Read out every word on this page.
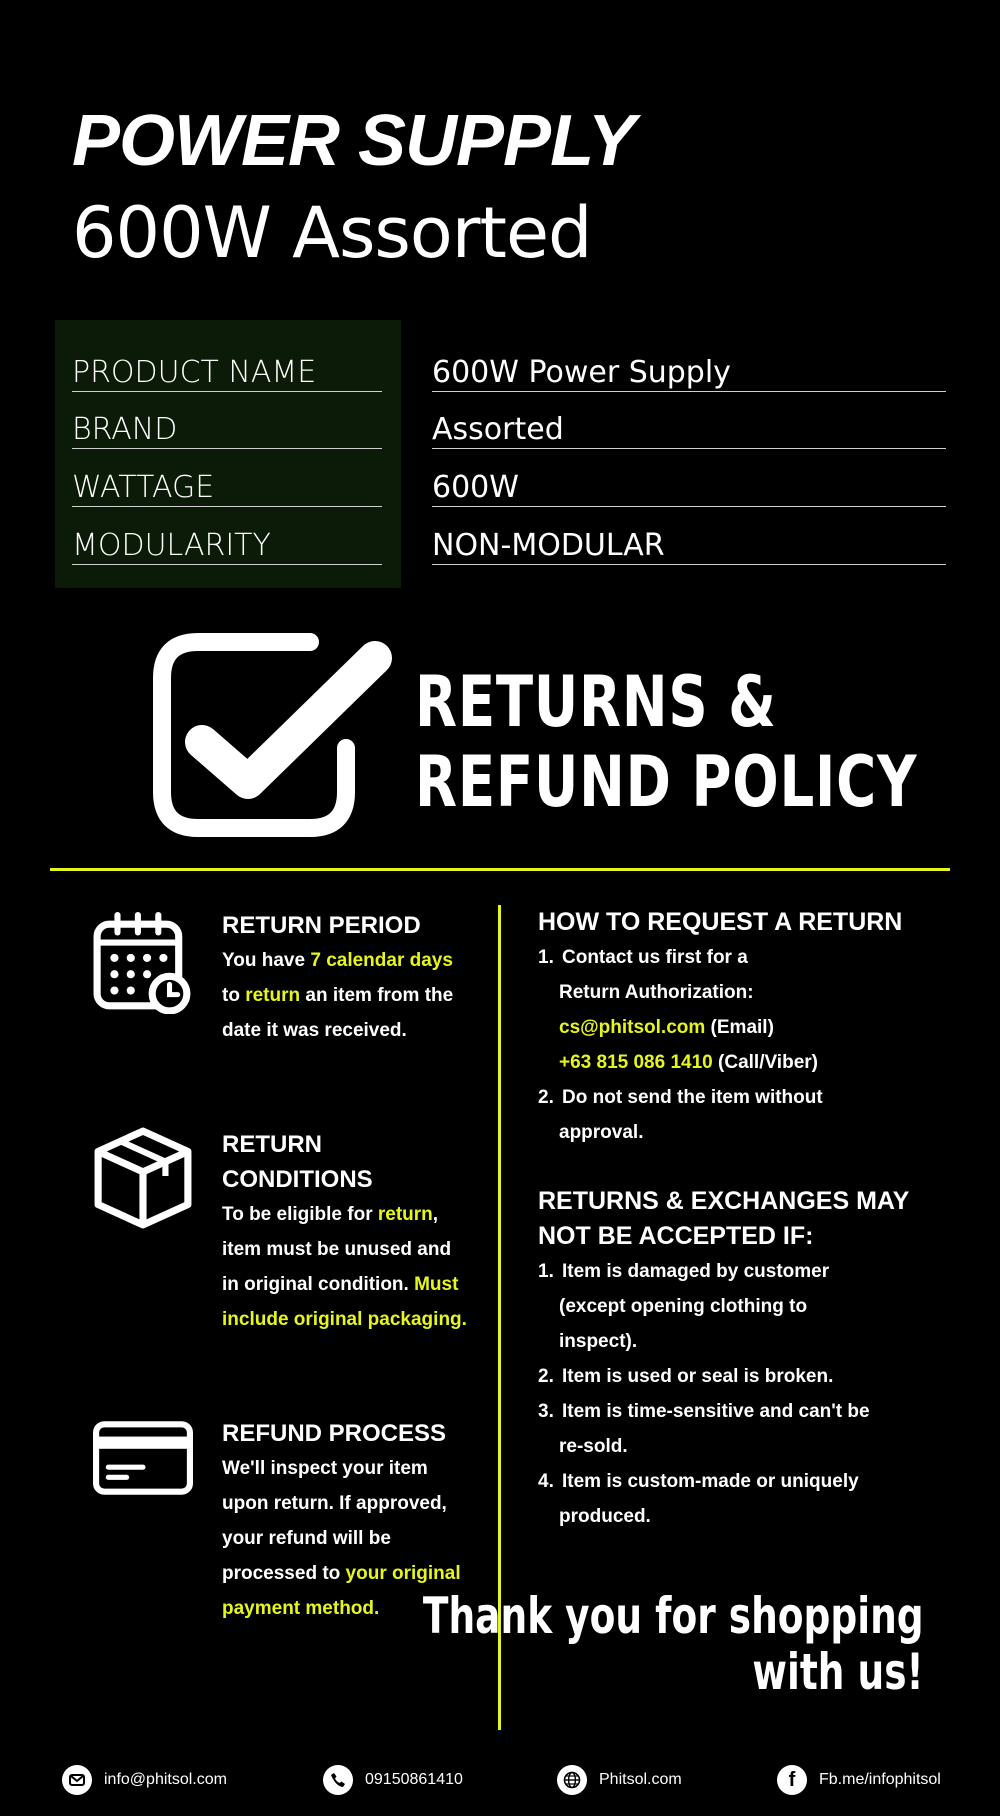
POWER SUPPLY
600W Assorted
PRODUCT NAME	600W Power Supply
BRAND	Assorted
WATTAGE	600W
MODULARITY	NON-MODULAR
RETURNS &
REFUND POLICY
RETURN PERIOD
You have 7 calendar days to return an item from the date it was received.
RETURN CONDITIONS
To be eligible for return, item must be unused and in original condition. Must include original packaging.
REFUND PROCESS
We'll inspect your item upon return. If approved, your refund will be processed to your original payment method.
HOW TO REQUEST A RETURN
1. Contact us first for a
Return Authorization:
cs@phitsol.com (Email)
+63 815 086 1410 (Call/Viber)
2. Do not send the item without
approval.
RETURNS & EXCHANGES MAY
NOT BE ACCEPTED IF:
1. Item is damaged by customer
(except opening clothing to
inspect).
2. Item is used or seal is broken.
3. Item is time-sensitive and can't be
re-sold.
4. Item is custom-made or uniquely
produced.
Thank you for shopping
with us!
info@phitsol.com	09150861410	Phitsol.com	f	Fb.me/infophitsol
